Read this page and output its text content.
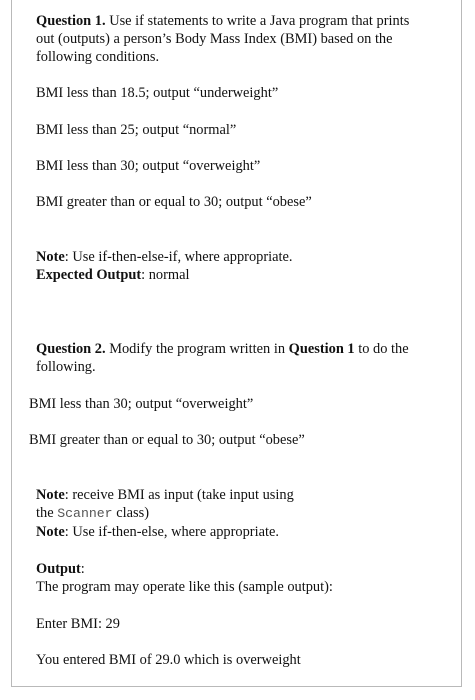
Question 1. Use if statements to write a Java program that prints

out (outputs) a person’s Body Mass Index (BMI) based on the

following conditions.

BMI less than 18.5; output “underweight”

BMI less than 25; output “normal”

BMI less than 30; output “overweight”

BMI greater than or equal to 30; output “obese”

Note: Use if-then-else-if, where appropriate.

Expected Output: normal

Question 2. Modify the program written in Question 1 to do the

following.

BMI less than 30; output “overweight”

BMI greater than or equal to 30; output “obese”

Note: receive BMI as input (take input using

the Scanner class)

Note: Use if-then-else, where appropriate.

Output:

The program may operate like this (sample output):

Enter BMI: 29

You entered BMI of 29.0 which is overweight
